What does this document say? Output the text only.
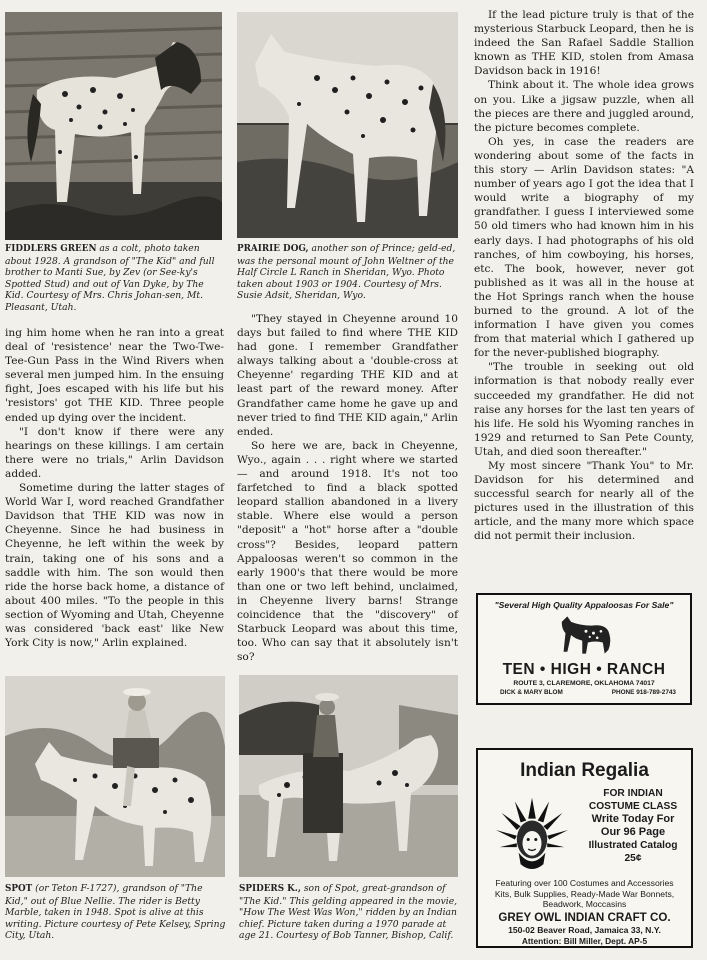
FIDDLERS GREEN as a colt, photo taken about 1928. A grandson of "The Kid" and full brother to Manti Sue, by Zev (or See-ky's Spotted Stud) and out of Van Dyke, by The Kid. Courtesy of Mrs. Chris Johan-sen, Mt. Pleasant, Utah.

PRAIRIE DOG, another son of Prince; geld-ed, was the personal mount of John Weltner of the Half Circle L Ranch in Sheridan, Wyo. Photo taken about 1903 or 1904. Courtesy of Mrs. Susie Adsit, Sheridan, Wyo.

ing him home when he ran into a great deal of 'resistence' near the Two-Twe-Tee-Gun Pass in the Wind Rivers when several men jumped him. In the ensuing fight, Joes escaped with his life but his 'resistors' got THE KID. Three people ended up dying over the incident.

"I don't know if there were any hearings on these killings. I am certain there were no trials," Arlin Davidson added.

Sometime during the latter stages of World War I, word reached Grandfather Davidson that THE KID was now in Cheyenne. Since he had business in Cheyenne, he left within the week by train, taking one of his sons and a saddle with him. The son would then ride the horse back home, a distance of about 400 miles. "To the people in this section of Wyoming and Utah, Cheyenne was considered 'back east' like New York City is now," Arlin explained.

"They stayed in Cheyenne around 10 days but failed to find where THE KID had gone. I remember Grandfather always talking about a 'double-cross at Cheyenne' regarding THE KID and at least part of the reward money. After Grandfather came home he gave up and never tried to find THE KID again," Arlin ended.

So here we are, back in Cheyenne, Wyo., again . . . right where we started — and around 1918. It's not too farfetched to find a black spotted leopard stallion abandoned in a livery stable. Where else would a person "deposit" a "hot" horse after a "double cross"? Besides, leopard pattern Appaloosas weren't so common in the early 1900's that there would be more than one or two left behind, unclaimed, in Cheyenne livery barns! Strange coincidence that the "discovery" of Starbuck Leopard was about this time, too. Who can say that it absolutely isn't so?

If the lead picture truly is that of the mysterious Starbuck Leopard, then he is indeed the San Rafael Saddle Stallion known as THE KID, stolen from Amasa Davidson back in 1916!

Think about it. The whole idea grows on you. Like a jigsaw puzzle, when all the pieces are there and juggled around, the picture becomes complete.

Oh yes, in case the readers are wondering about some of the facts in this story — Arlin Davidson states: "A number of years ago I got the idea that I would write a biography of my grandfather. I guess I interviewed some 50 old timers who had known him in his early days. I had photographs of his old ranches, of him cowboying, his horses, etc. The book, however, never got published as it was all in the house at the Hot Springs ranch when the house burned to the ground. A lot of the information I have given you comes from that material which I gathered up for the never-published biography.

"The trouble in seeking out old information is that nobody really ever succeeded my grandfather. He did not raise any horses for the last ten years of his life. He sold his Wyoming ranches in 1929 and returned to San Pete County, Utah, and died soon thereafter."

My most sincere "Thank You" to Mr. Davidson for his determined and successful search for nearly all of the pictures used in the illustration of this article, and the many more which space did not permit their inclusion.

SPOT (or Teton F-1727), grandson of "The Kid," out of Blue Nellie. The rider is Betty Marble, taken in 1948. Spot is alive at this writing. Picture courtesy of Pete Kelsey, Spring City, Utah.

SPIDERS K., son of Spot, great-grandson of "The Kid." This gelding appeared in the movie, "How The West Was Won," ridden by an Indian chief. Picture taken during a 1970 parade at age 21. Courtesy of Bob Tanner, Bishop, Calif.

"Several High Quality Appaloosas For Sale"
TEN • HIGH • RANCH
ROUTE 3, CLAREMORE, OKLAHOMA 74017
DICK & MARY BLOM	PHONE 918-789-2743
Indian Regalia
FOR INDIAN
COSTUME CLASS
Write Today For
Our 96 Page
Illustrated Catalog
25¢
Featuring over 100 Costumes and Accessories Kits, Bulk Supplies, Ready-Made War Bonnets, Beadwork, Moccasins
GREY OWL INDIAN CRAFT CO.
150-02 Beaver Road, Jamaica 33, N.Y.
Attention: Bill Miller, Dept. AP-5
